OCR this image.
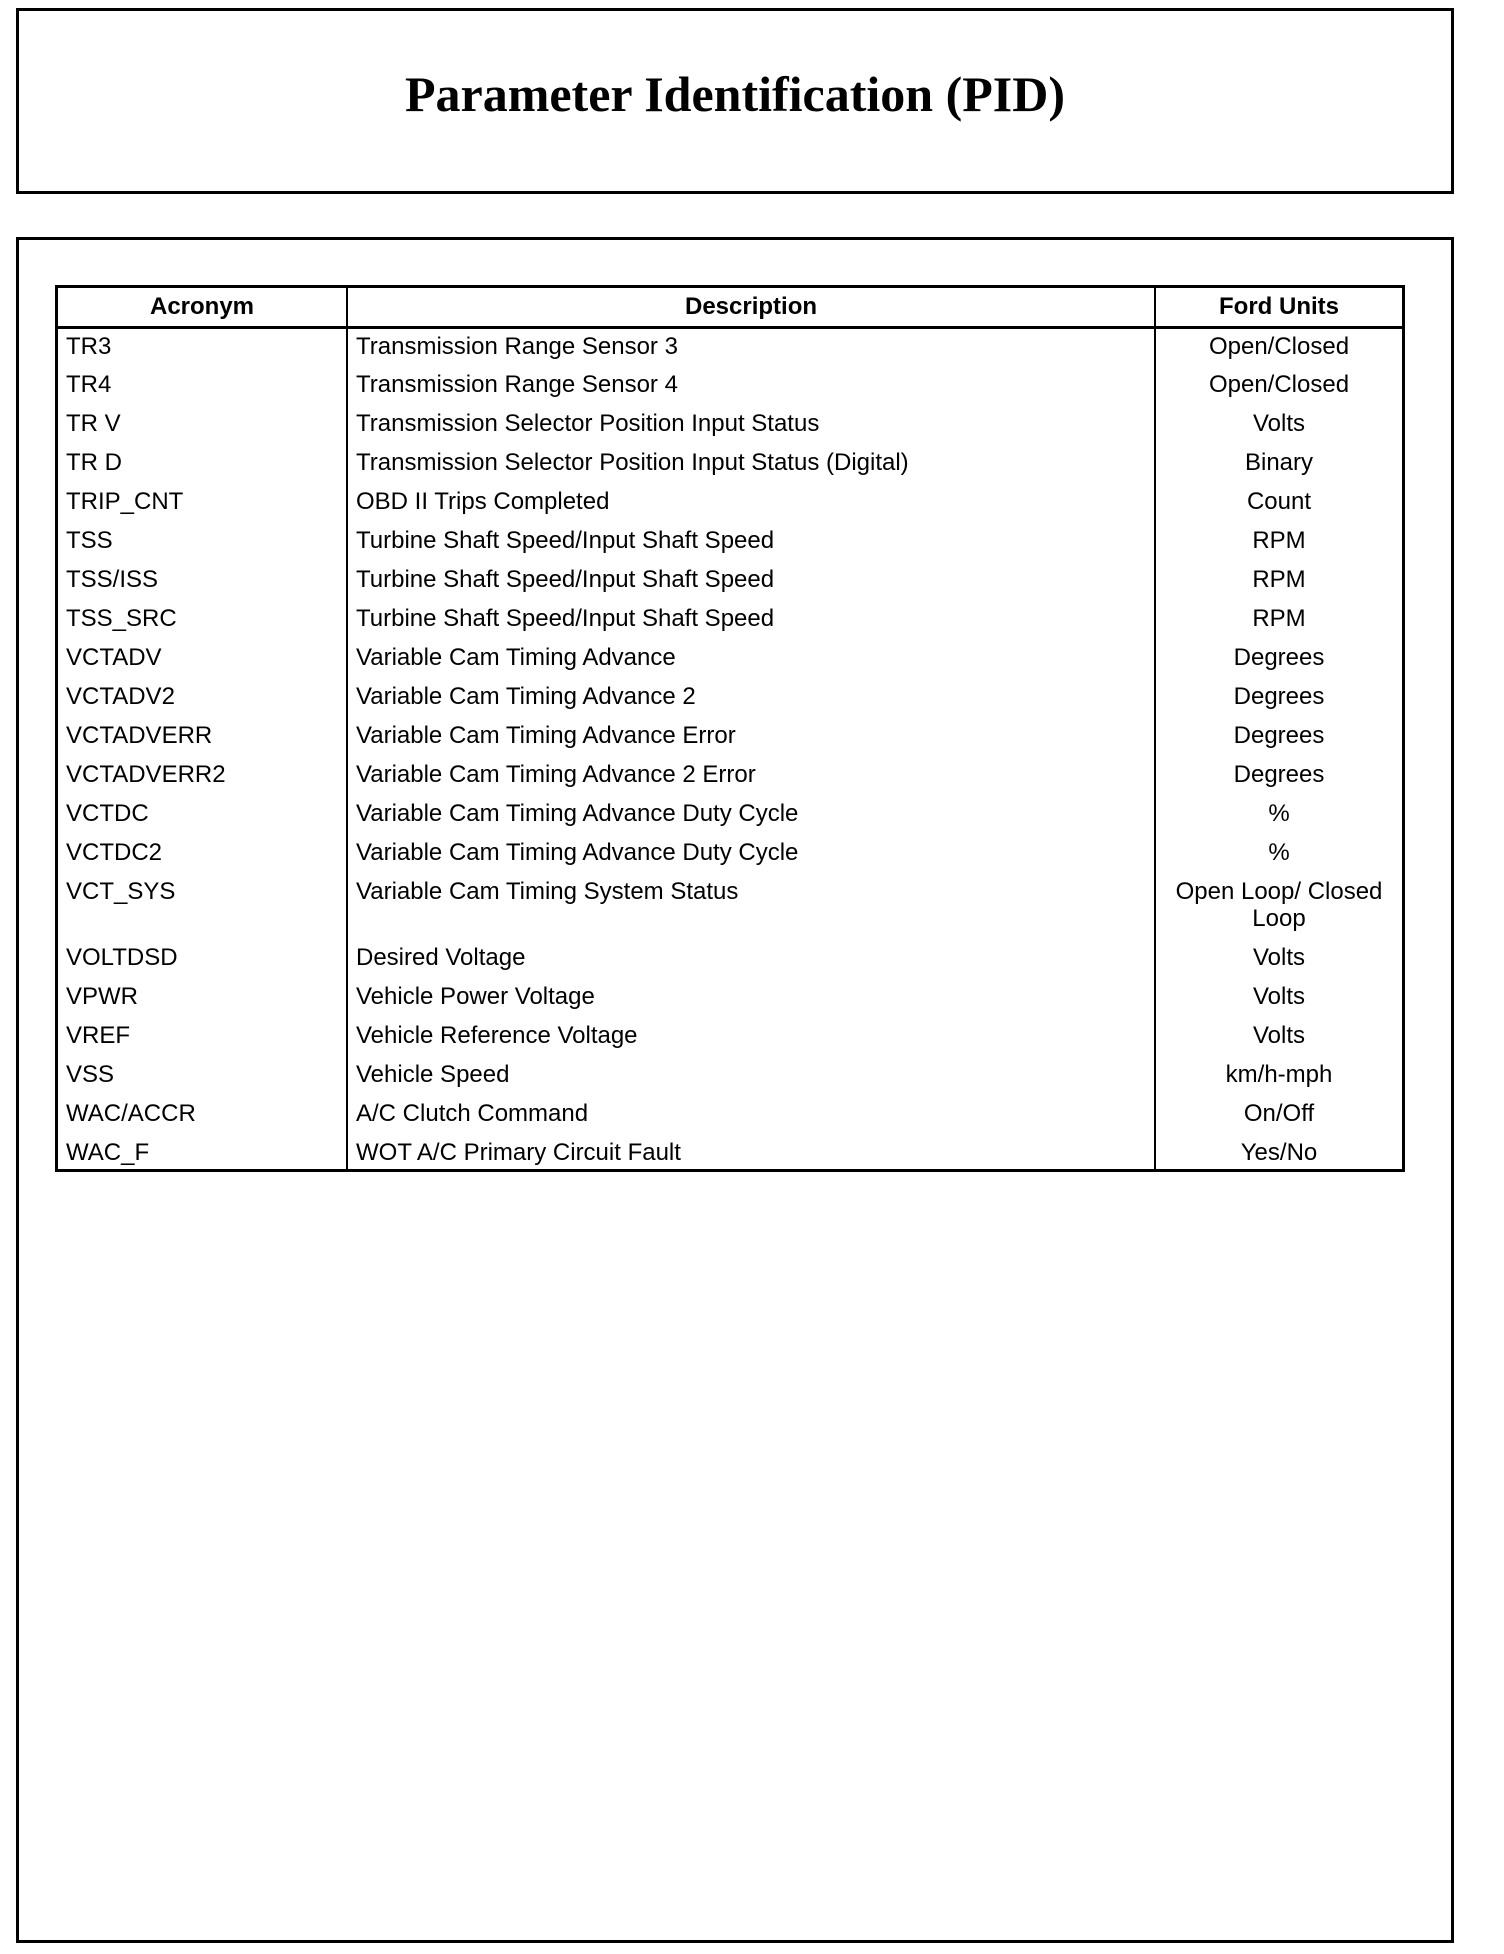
Parameter Identification (PID)
Acronym	Description	Ford Units
TR3	Transmission Range Sensor 3	Open/Closed
TR4	Transmission Range Sensor 4	Open/Closed
TR V	Transmission Selector Position Input Status	Volts
TR D	Transmission Selector Position Input Status (Digital)	Binary
TRIP_CNT	OBD II Trips Completed	Count
TSS	Turbine Shaft Speed/Input Shaft Speed	RPM
TSS/ISS	Turbine Shaft Speed/Input Shaft Speed	RPM
TSS_SRC	Turbine Shaft Speed/Input Shaft Speed	RPM
VCTADV	Variable Cam Timing Advance	Degrees
VCTADV2	Variable Cam Timing Advance 2	Degrees
VCTADVERR	Variable Cam Timing Advance Error	Degrees
VCTADVERR2	Variable Cam Timing Advance 2 Error	Degrees
VCTDC	Variable Cam Timing Advance Duty Cycle	%
VCTDC2	Variable Cam Timing Advance Duty Cycle	%
VCT_SYS	Variable Cam Timing System Status	Open Loop/ Closed Loop
VOLTDSD	Desired Voltage	Volts
VPWR	Vehicle Power Voltage	Volts
VREF	Vehicle Reference Voltage	Volts
VSS	Vehicle Speed	km/h-mph
WAC/ACCR	A/C Clutch Command	On/Off
WAC_F	WOT A/C Primary Circuit Fault	Yes/No
